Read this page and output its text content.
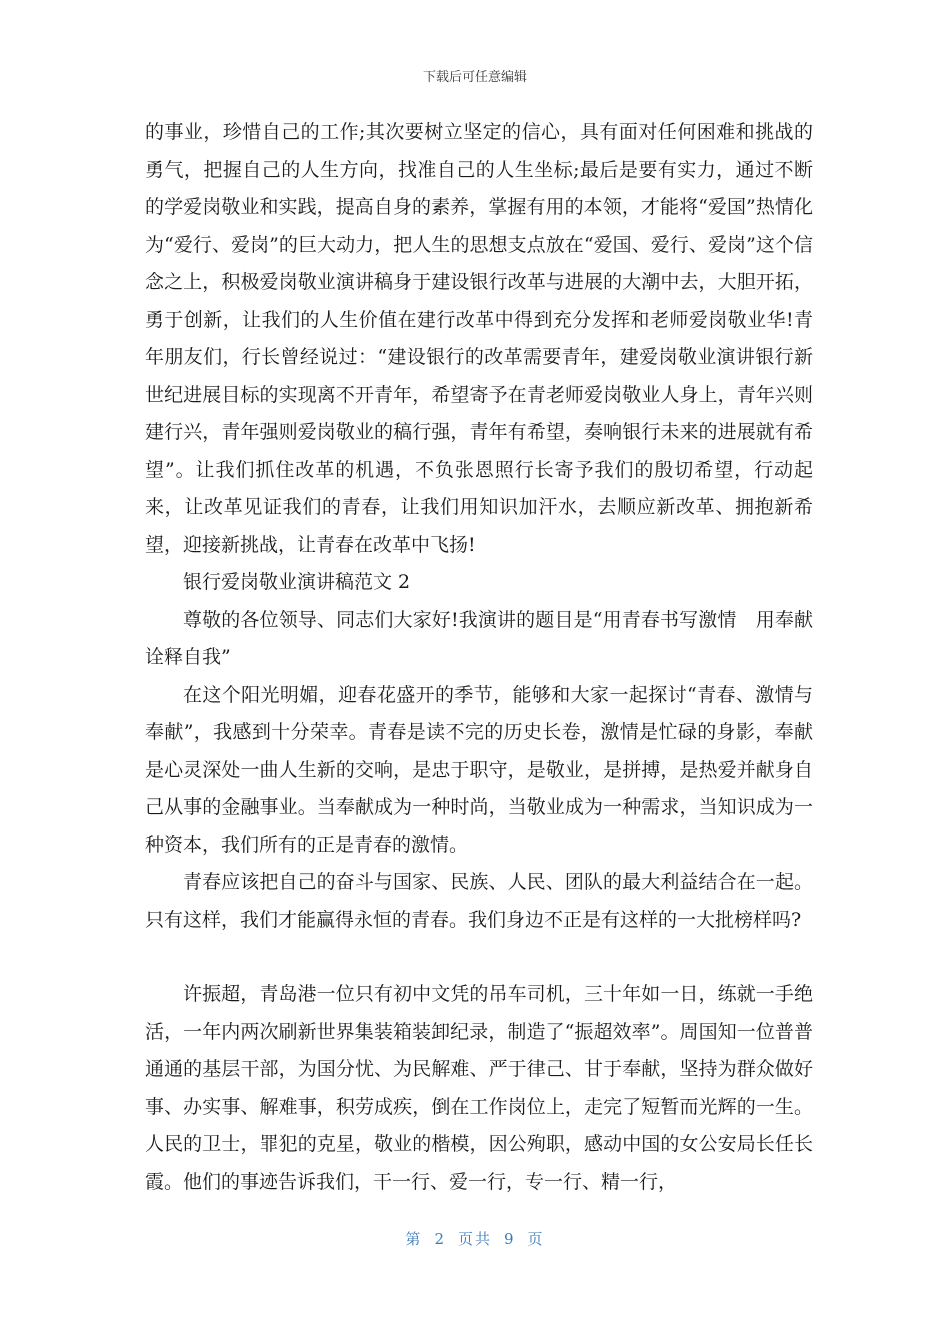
下载后可任意编辑

的事业，珍惜自己的工作;其次要树立坚定的信心，具有面对任何困难和挑战的勇气，把握自己的人生方向，找准自己的人生坐标;最后是要有实力，通过不断的学爱岗敬业和实践，提高自身的素养，掌握有用的本领，才能将“爱国”热情化为“爱行、爱岗”的巨大动力，把人生的思想支点放在“爱国、爱行、爱岗”这个信念之上，积极爱岗敬业演讲稿身于建设银行改革与进展的大潮中去，大胆开拓，勇于创新，让我们的人生价值在建行改革中得到充分发挥和老师爱岗敬业华!青年朋友们，行长曾经说过：“建设银行的改革需要青年，建爱岗敬业演讲银行新世纪进展目标的实现离不开青年，希望寄予在青老师爱岗敬业人身上，青年兴则建行兴，青年强则爱岗敬业的稿行强，青年有希望，奏响银行未来的进展就有希望”。让我们抓住改革的机遇，不负张恩照行长寄予我们的殷切希望，行动起来，让改革见证我们的青春，让我们用知识加汗水，去顺应新改革、拥抱新希望，迎接新挑战，让青春在改革中飞扬!

银行爱岗敬业演讲稿范文 2

尊敬的各位领导、同志们大家好!我演讲的题目是“用青春书写激情　用奉献诠释自我”

在这个阳光明媚，迎春花盛开的季节，能够和大家一起探讨“青春、激情与奉献”，我感到十分荣幸。青春是读不完的历史长卷，激情是忙碌的身影，奉献是心灵深处一曲人生新的交响，是忠于职守，是敬业，是拼搏，是热爱并献身自己从事的金融事业。当奉献成为一种时尚，当敬业成为一种需求，当知识成为一种资本，我们所有的正是青春的激情。

青春应该把自己的奋斗与国家、民族、人民、团队的最大利益结合在一起。只有这样，我们才能赢得永恒的青春。我们身边不正是有这样的一大批榜样吗?

许振超，青岛港一位只有初中文凭的吊车司机，三十年如一日，练就一手绝活，一年内两次刷新世界集装箱装卸纪录，制造了“振超效率”。周国知一位普普通通的基层干部，为国分忧、为民解难、严于律己、甘于奉献，坚持为群众做好事、办实事、解难事，积劳成疾，倒在工作岗位上，走完了短暂而光辉的一生。人民的卫士，罪犯的克星，敬业的楷模，因公殉职，感动中国的女公安局长任长霞。他们的事迹告诉我们，干一行、爱一行，专一行、精一行，

第 2 页共 9 页
